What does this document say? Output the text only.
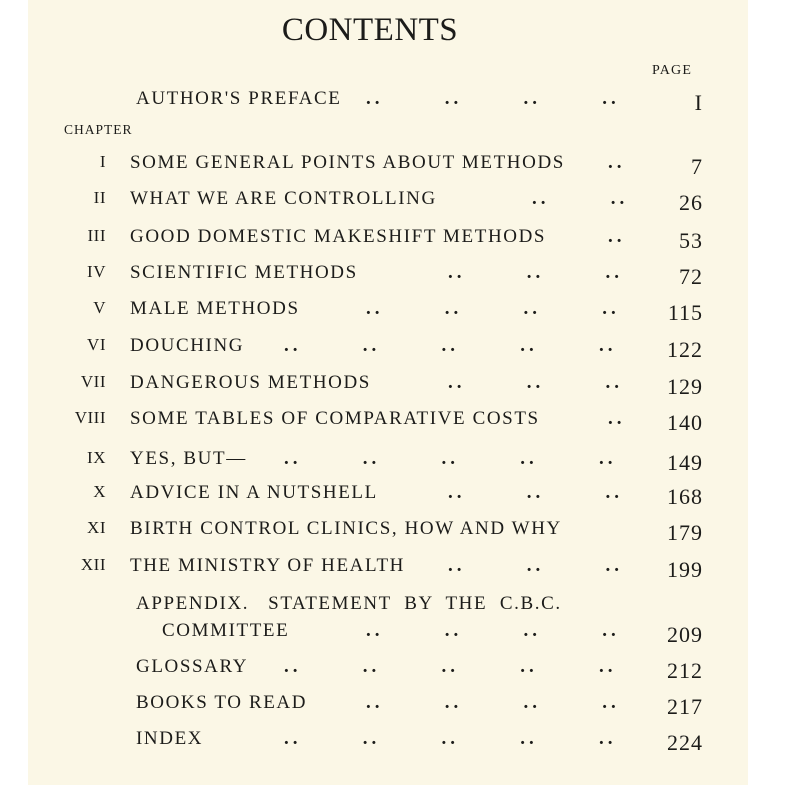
CONTENTS
PAGE
CHAPTER
AUTHOR'S PREFACE ..       ..       ..       ..	I
I SOME GENERAL POINTS ABOUT METHODS ..	7
II WHAT WE ARE CONTROLLING	..       .. 26
III GOOD DOMESTIC MAKESHIFT METHODS	.. 53
IV SCIENTIFIC METHODS	..       ..       ..	72
V MALE METHODS	..       ..       ..       .. 115
VI DOUCHING ..       ..       ..       ..       .. 122
VII DANGEROUS METHODS	..       ..       .. 129
VIII SOME TABLES OF COMPARATIVE COSTS	.. 140
IX YES, BUT— ..       ..       ..       ..       .. 149
X ADVICE IN A NUTSHELL	..       ..       .. 168
XI BIRTH CONTROL CLINICS, HOW AND WHY	179
XII THE MINISTRY OF HEALTH ..       ..       .. 199

APPENDIX.   STATEMENT  BY  THE  C.B.C.

COMMITTEE	..       ..       ..       .. 209
GLOSSARY ..       ..       ..       ..       .. 212
BOOKS TO READ	..       ..       ..       .. 217
INDEX	..       ..       ..       ..       .. 224
